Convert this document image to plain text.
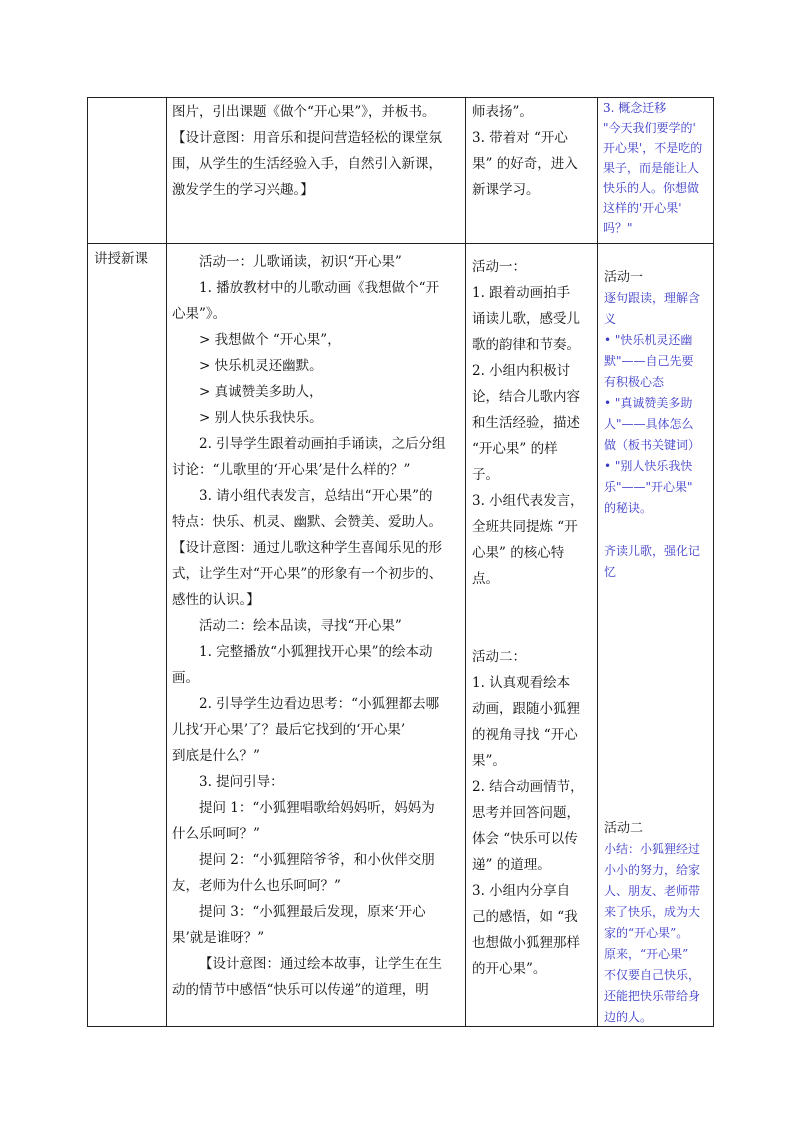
图片，引出课题《做个“开心果”》，并板书。

【设计意图：用音乐和提问营造轻松的课堂氛

围，从学生的生活经验入手，自然引入新课，

激发学生的学习兴趣。】

师表扬”。

3. 带着对 “开心

果” 的好奇，进入

新课学习。

3. 概念迁移

"今天我们要学的'

开心果'，不是吃的

果子，而是能让人

快乐的人。你想做

这样的'开心果'

吗？"

讲授新课	活动一：儿歌诵读，初识“开心果”

1. 播放教材中的儿歌动画《我想做个“开

心果”》。

> 我想做个 “开心果”，

> 快乐机灵还幽默。

> 真诚赞美多助人，

> 别人快乐我快乐。

2. 引导学生跟着动画拍手诵读，之后分组

讨论：“儿歌里的‘开心果’是什么样的？”

3. 请小组代表发言，总结出“开心果”的

特点：快乐、机灵、幽默、会赞美、爱助人。

【设计意图：通过儿歌这种学生喜闻乐见的形

式，让学生对“开心果”的形象有一个初步的、

感性的认识。】

活动二：绘本品读，寻找“开心果”

1. 完整播放“小狐狸找开心果”的绘本动

画。

2. 引导学生边看边思考：“小狐狸都去哪

儿找‘开心果’了？最后它找到的‘开心果’

到底是什么？”

3. 提问引导：

提问 1：“小狐狸唱歌给妈妈听，妈妈为

什么乐呵呵？”

提问 2：“小狐狸陪爷爷，和小伙伴交朋

友，老师为什么也乐呵呵？”

提问 3：“小狐狸最后发现，原来‘开心

果’就是谁呀？”

【设计意图：通过绘本故事，让学生在生

动的情节中感悟“快乐可以传递”的道理，明

活动一：

1. 跟着动画拍手

诵读儿歌，感受儿

歌的韵律和节奏。

2. 小组内积极讨

论，结合儿歌内容

和生活经验，描述

“开心果” 的样

子。

3. 小组代表发言，

全班共同提炼 “开

心果” 的核心特

点。

活动二：

1. 认真观看绘本

动画，跟随小狐狸

的视角寻找 “开心

果”。

2. 结合动画情节，

思考并回答问题，

体会 “快乐可以传

递” 的道理。

3. 小组内分享自

己的感悟，如 “我

也想做小狐狸那样

的开心果”。

活动一

逐句跟读，理解含

义

• "快乐机灵还幽

默"——自己先要

有积极心态

• "真诚赞美多助

人"——具体怎么

做（板书关键词）

• "别人快乐我快

乐"——"开心果"

的秘诀。

齐读儿歌，强化记

忆

活动二

小结：小狐狸经过

小小的努力，给家

人、朋友、老师带

来了快乐，成为大

家的“开心果”。

原来，“开心果”

不仅要自己快乐，

还能把快乐带给身

边的人。
